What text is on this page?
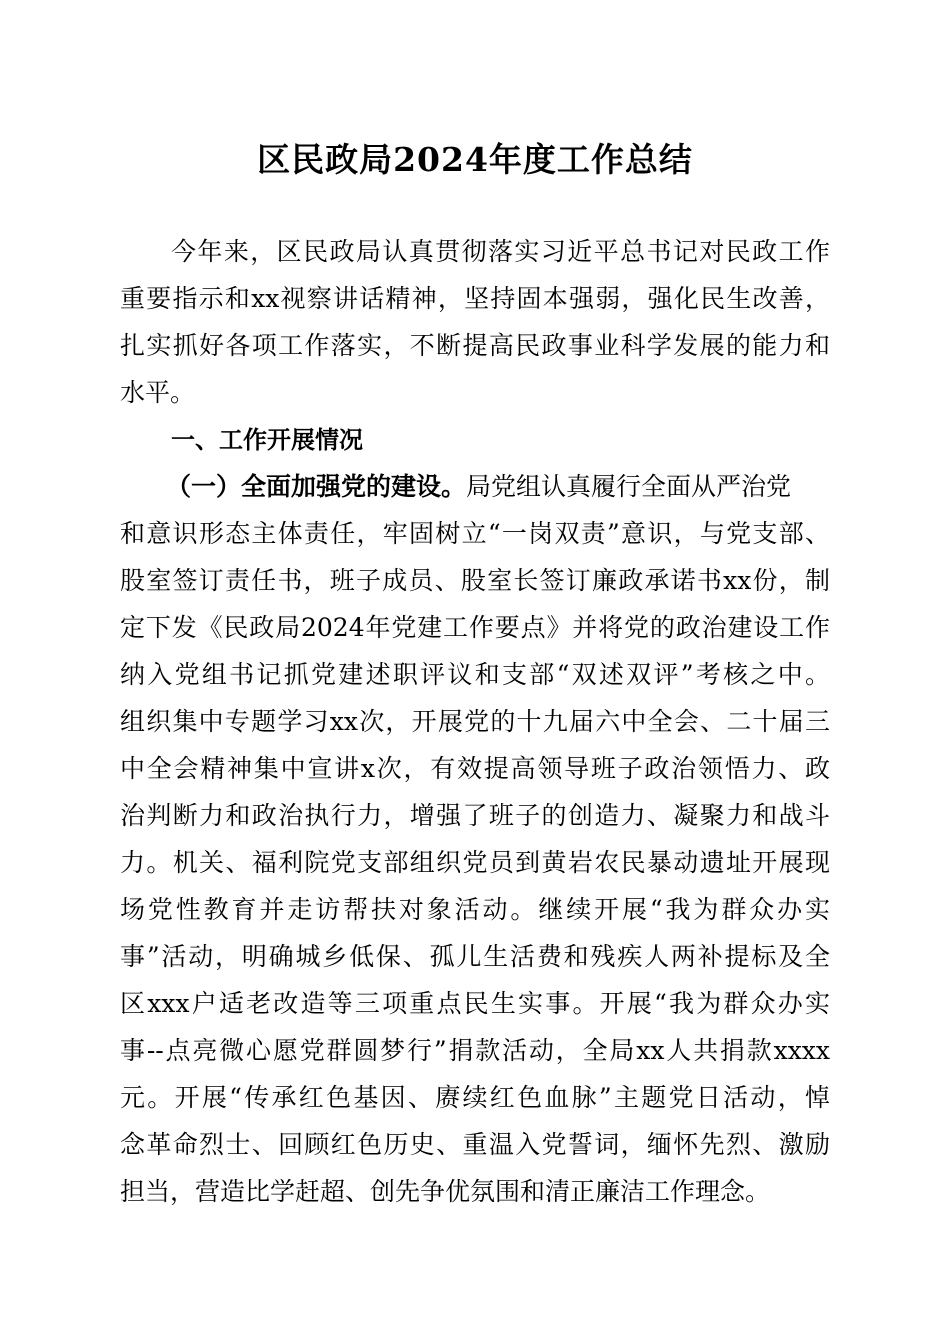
区民政局2024年度工作总结
今年来，区民政局认真贯彻落实习近平总书记对民政工作
重要指示和xx视察讲话精神，坚持固本强弱，强化民生改善，
扎实抓好各项工作落实，不断提高民政事业科学发展的能力和
水平。
一、工作开展情况
（一）全面加强党的建设。局党组认真履行全面从严治党
和意识形态主体责任，牢固树立“一岗双责”意识，与党支部、
股室签订责任书，班子成员、股室长签订廉政承诺书xx份，制
定下发《民政局2024年党建工作要点》并将党的政治建设工作
纳入党组书记抓党建述职评议和支部“双述双评”考核之中。
组织集中专题学习xx次，开展党的十九届六中全会、二十届三
中全会精神集中宣讲x次，有效提高领导班子政治领悟力、政
治判断力和政治执行力，增强了班子的创造力、凝聚力和战斗
力。机关、福利院党支部组织党员到黄岩农民暴动遗址开展现
场党性教育并走访帮扶对象活动。继续开展“我为群众办实
事”活动，明确城乡低保、孤儿生活费和残疾人两补提标及全
区xxx户适老改造等三项重点民生实事。开展“我为群众办实
事--点亮微心愿党群圆梦行”捐款活动，全局xx人共捐款xxxx
元。开展“传承红色基因、赓续红色血脉”主题党日活动，悼
念革命烈士、回顾红色历史、重温入党誓词，缅怀先烈、激励
担当，营造比学赶超、创先争优氛围和清正廉洁工作理念。
